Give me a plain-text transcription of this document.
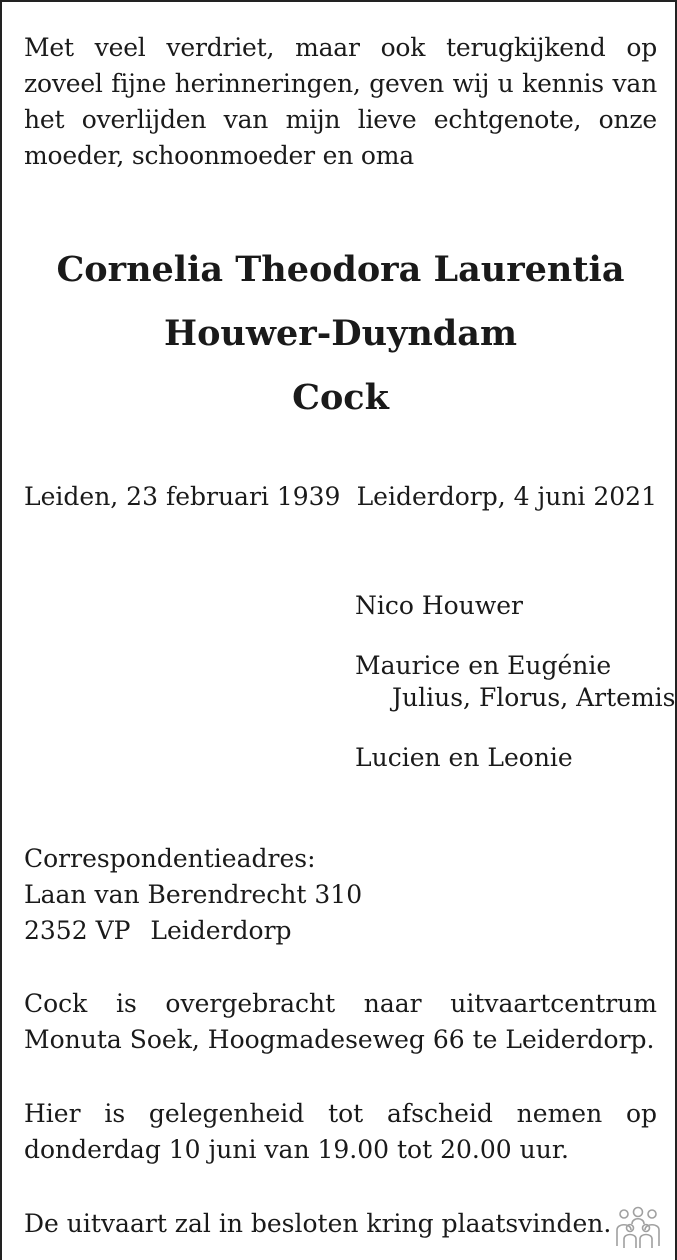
Met veel verdriet, maar ook terugkijkend op zoveel fijne herinneringen, geven wij u kennis van het overlijden van mijn lieve echtgenote, onze moeder, schoonmoeder en oma
Cornelia Theodora Laurentia
Houwer-Duyndam
Cock
Leiden, 23 februari 1939 Leiderdorp, 4 juni 2021
Nico Houwer
Maurice en Eugénie
Julius, Florus, Artemis
Lucien en Leonie
Correspondentieadres:
Laan van Berendrecht 310
2352 VP Leiderdorp
Cock is overgebracht naar uitvaartcentrum Monuta Soek, Hoogmadeseweg 66 te Leiderdorp.
Hier is gelegenheid tot afscheid nemen op donderdag 10 juni van 19.00 tot 20.00 uur.
De uitvaart zal in besloten kring plaatsvinden.
